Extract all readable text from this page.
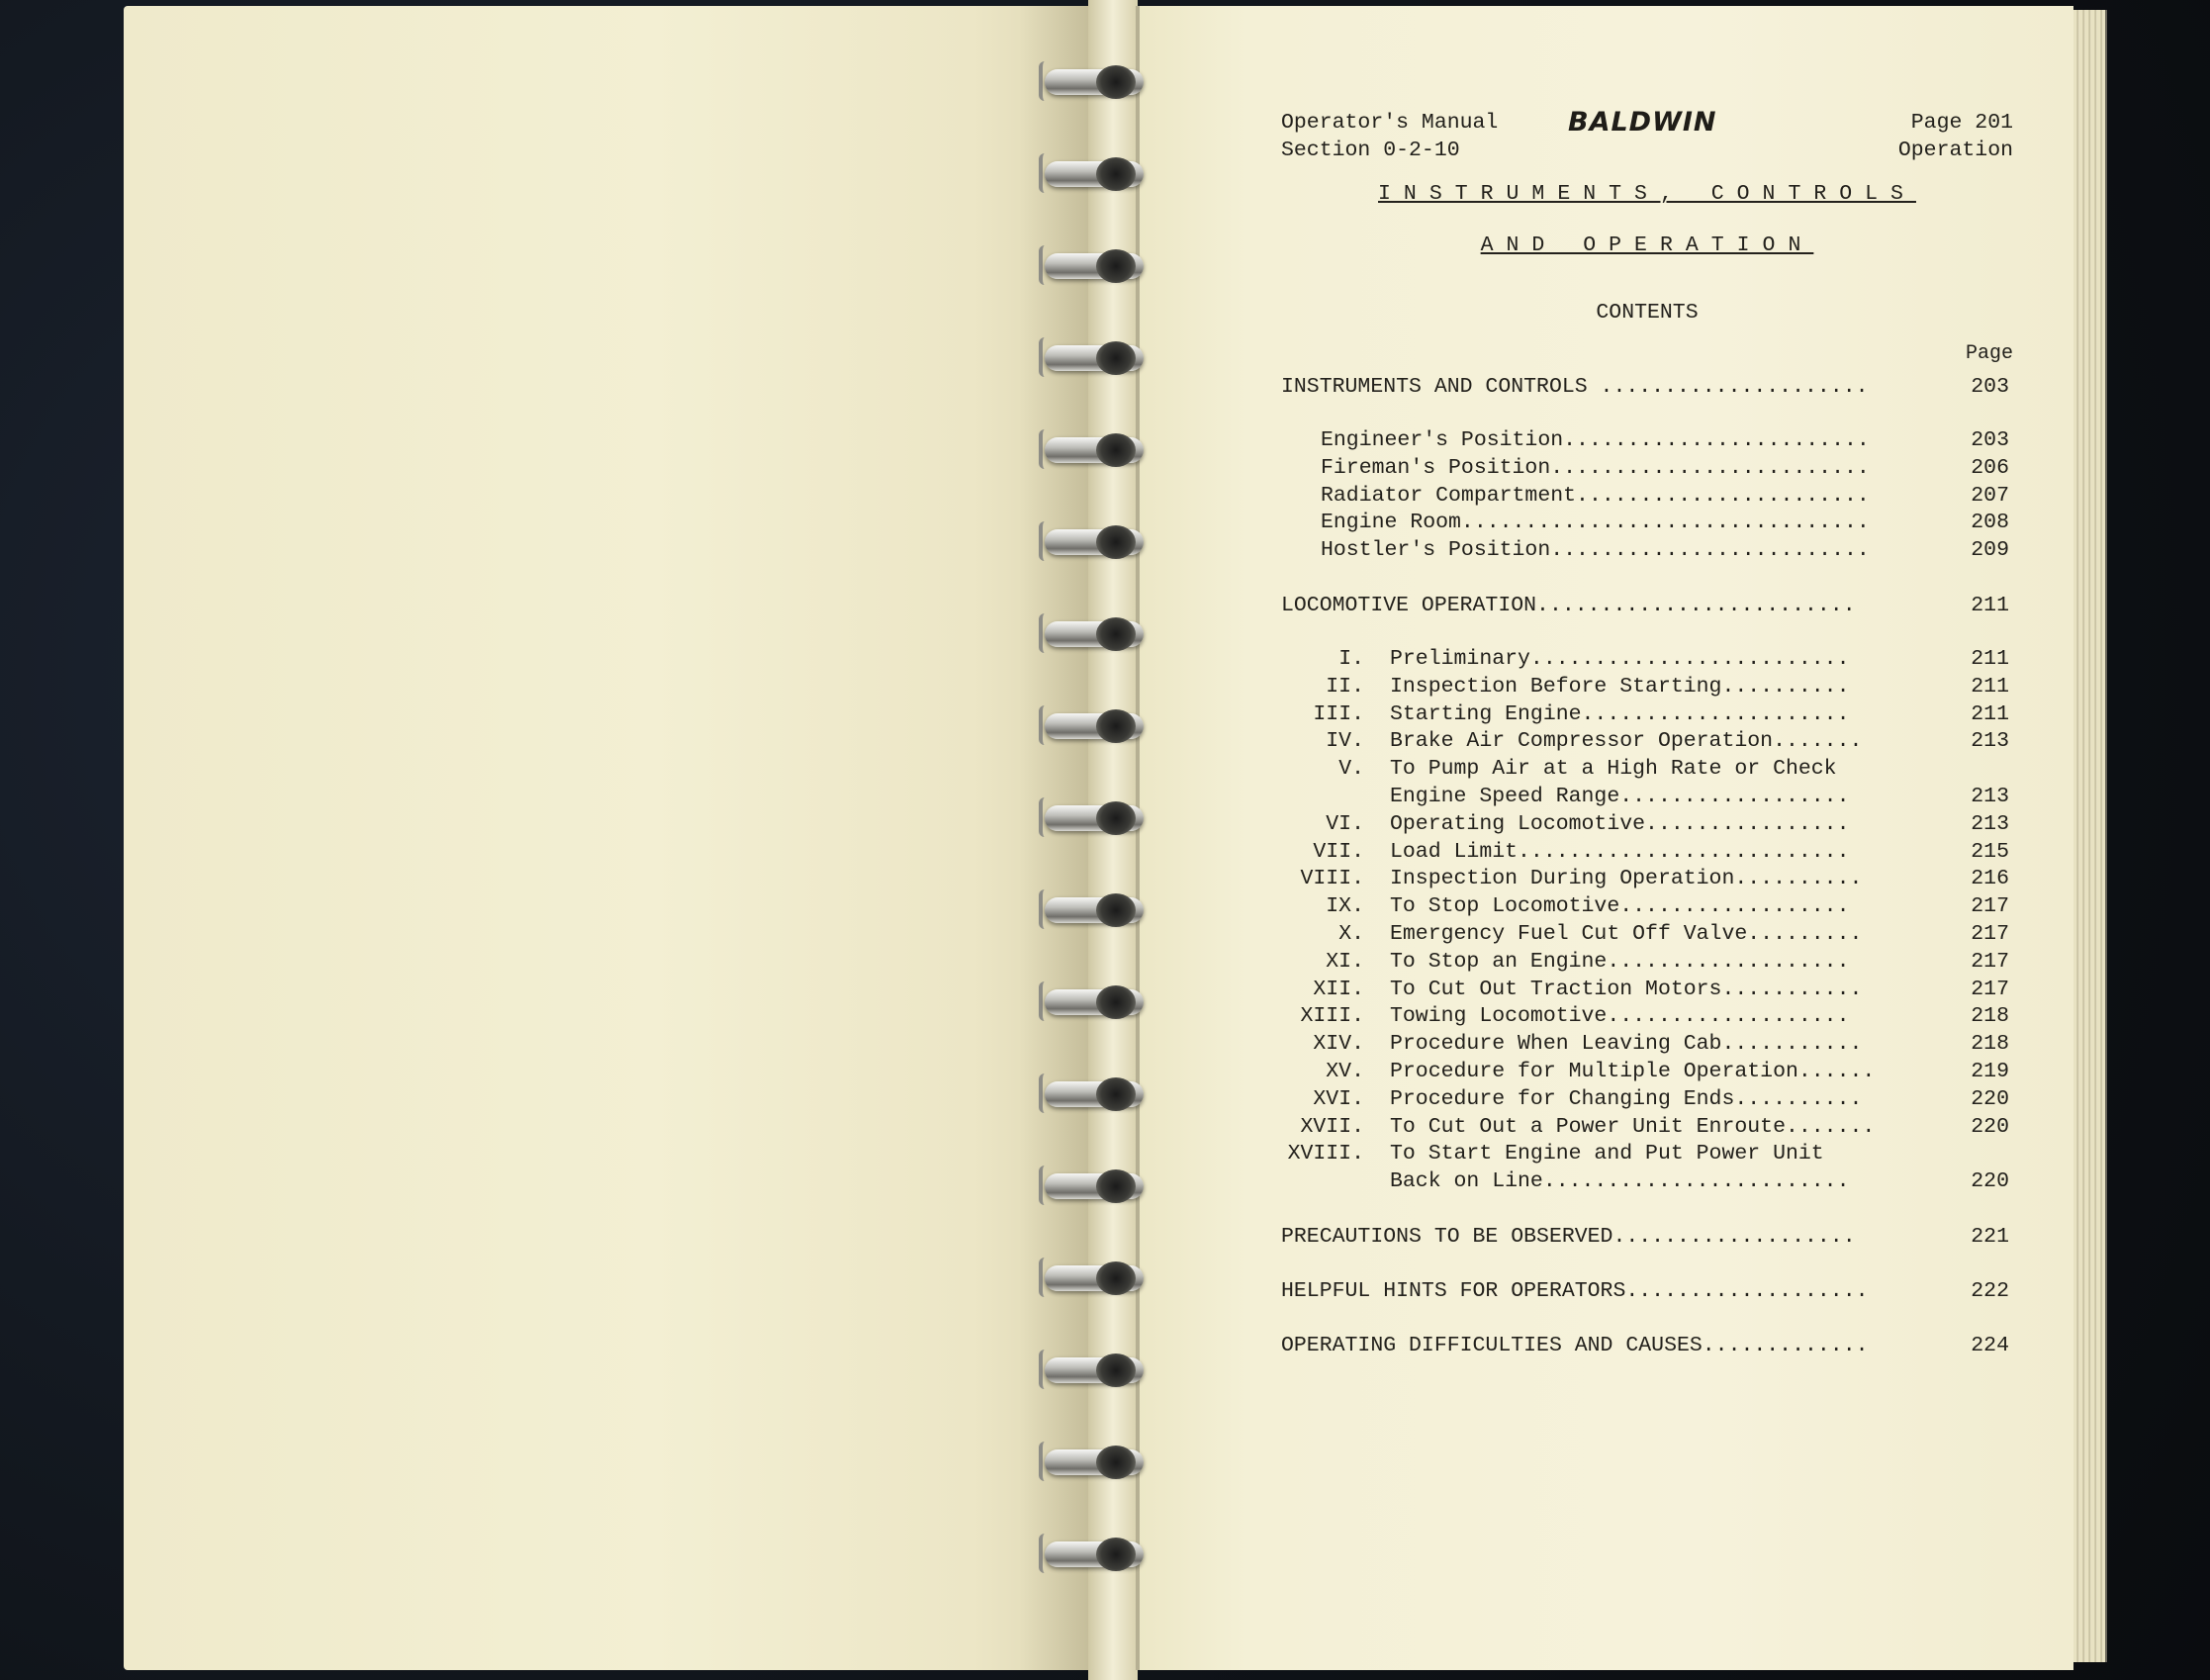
Operator's Manual
Section 0-2-10
BALDWIN	Page 201
Operation
INSTRUMENTS, CONTROLS
AND OPERATION
CONTENTS
Page
INSTRUMENTS AND CONTROLS .....................	203
Engineer's Position........................	203
Fireman's Position.........................	206
Radiator Compartment.......................	207
Engine Room................................	208
Hostler's Position.........................	209
LOCOMOTIVE OPERATION.........................	211
I.	Preliminary.........................	211
II.	Inspection Before Starting..........	211
III.	Starting Engine.....................	211
IV.	Brake Air Compressor Operation.......	213
V.	To Pump Air at a High Rate or Check
Engine Speed Range..................	213
VI.	Operating Locomotive................	213
VII.	Load Limit..........................	215
VIII.	Inspection During Operation..........	216
IX.	To Stop Locomotive..................	217
X.	Emergency Fuel Cut Off Valve.........	217
XI.	To Stop an Engine...................	217
XII.	To Cut Out Traction Motors...........	217
XIII.	Towing Locomotive...................	218
XIV.	Procedure When Leaving Cab...........	218
XV.	Procedure for Multiple Operation......	219
XVI.	Procedure for Changing Ends..........	220
XVII.	To Cut Out a Power Unit Enroute.......	220
XVIII.	To Start Engine and Put Power Unit
Back on Line........................	220
PRECAUTIONS TO BE OBSERVED...................	221
HELPFUL HINTS FOR OPERATORS...................	222
OPERATING DIFFICULTIES AND CAUSES.............	224
